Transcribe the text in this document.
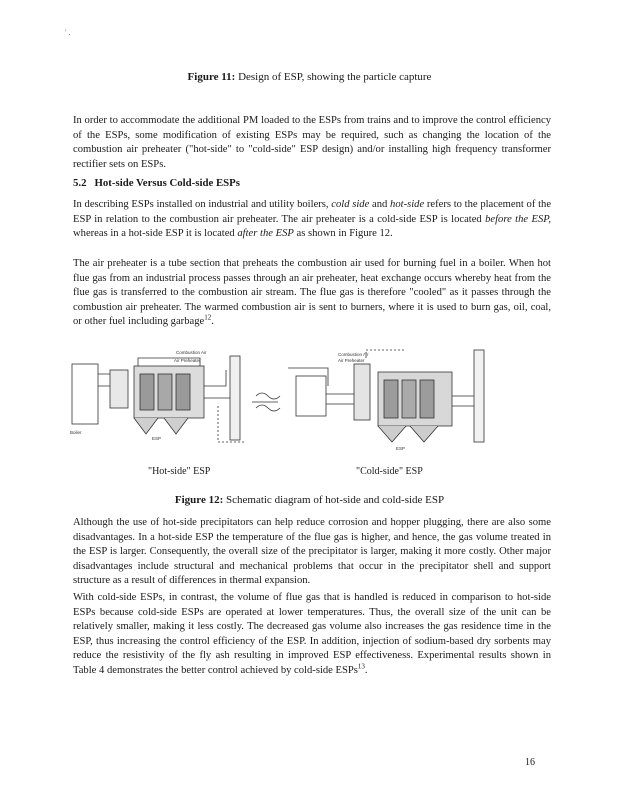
' .

Figure 11: Design of ESP, showing the particle capture

In order to accommodate the additional PM loaded to the ESPs from trains and to improve the control efficiency of the ESPs, some modification of existing ESPs may be required, such as changing the location of the combustion air preheater ("hot-side" to "cold-side" ESP design) and/or installing high frequency transformer rectifier sets on ESPs.

5.2 Hot-side Versus Cold-side ESPs

In describing ESPs installed on industrial and utility boilers, cold side and hot-side refers to the placement of the ESP in relation to the combustion air preheater. The air preheater is a cold-side ESP is located before the ESP, whereas in a hot-side ESP it is located after the ESP as shown in Figure 12.

The air preheater is a tube section that preheats the combustion air used for burning fuel in a boiler. When hot flue gas from an industrial process passes through an air preheater, heat exchange occurs whereby heat from the flue gas is transferred to the combustion air stream. The flue gas is therefore "cooled" as it passes through the combustion air preheater. The warmed combustion air is sent to burners, where it is used to burn gas, oil, coal, or other fuel including garbage$^{12}$.

Boiler
Combustion Air
Air Preheater
ESP
Combustion Air
Air Preheater
ESP

"Hot-side" ESP	"Cold-side" ESP

Figure 12: Schematic diagram of hot-side and cold-side ESP

Although the use of hot-side precipitators can help reduce corrosion and hopper plugging, there are also some disadvantages. In a hot-side ESP the temperature of the flue gas is higher, and hence, the gas volume treated in the ESP is larger. Consequently, the overall size of the precipitator is larger, making it more costly. Other major disadvantages include structural and mechanical problems that occur in the precipitator shell and support structure as a result of differences in thermal expansion.

With cold-side ESPs, in contrast, the volume of flue gas that is handled is reduced in comparison to hot-side ESPs because cold-side ESPs are operated at lower temperatures. Thus, the overall size of the unit can be relatively smaller, making it less costly. The decreased gas volume also increases the gas residence time in the ESP, thus increasing the control efficiency of the ESP. In addition, injection of sodium-based dry sorbents may reduce the resistivity of the fly ash resulting in improved ESP effectiveness. Experimental results shown in Table 4 demonstrates the better control achieved by cold-side ESPs$^{13}$.

16
